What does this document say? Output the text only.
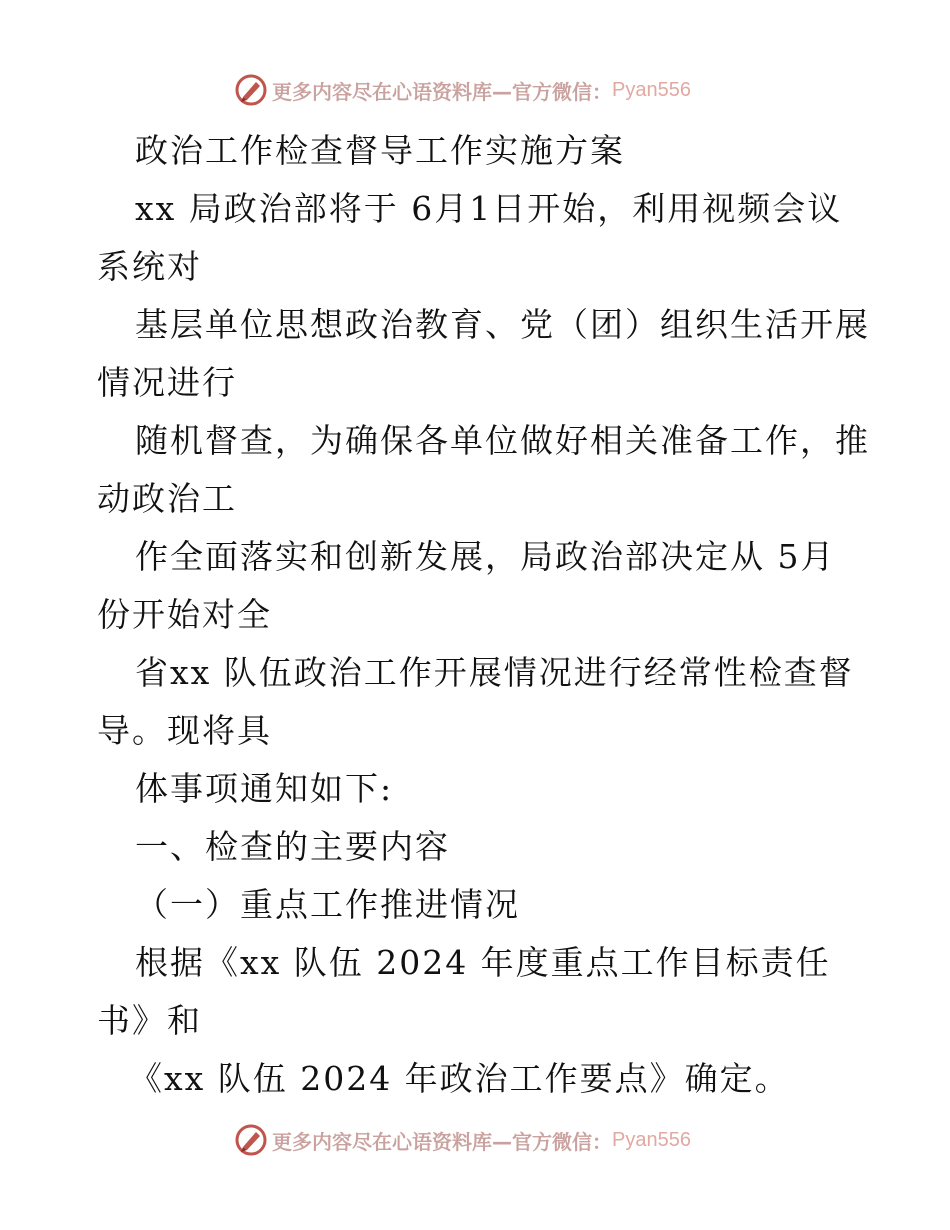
更多内容尽在心语资料库—官方微信： Pyan556
政治工作检查督导工作实施方案
xx 局政治部将于 6月1日开始，利用视频会议
系统对
基层单位思想政治教育、党（团）组织生活开展
情况进行
随机督查，为确保各单位做好相关准备工作，推
动政治工
作全面落实和创新发展，局政治部决定从 5月
份开始对全
省xx 队伍政治工作开展情况进行经常性检查督
导。现将具
体事项通知如下:
一、检查的主要内容
（一）重点工作推进情况
根据《xx 队伍 2024 年度重点工作目标责任
书》和
《xx 队伍 2024 年政治工作要点》确定。
更多内容尽在心语资料库—官方微信： Pyan556
